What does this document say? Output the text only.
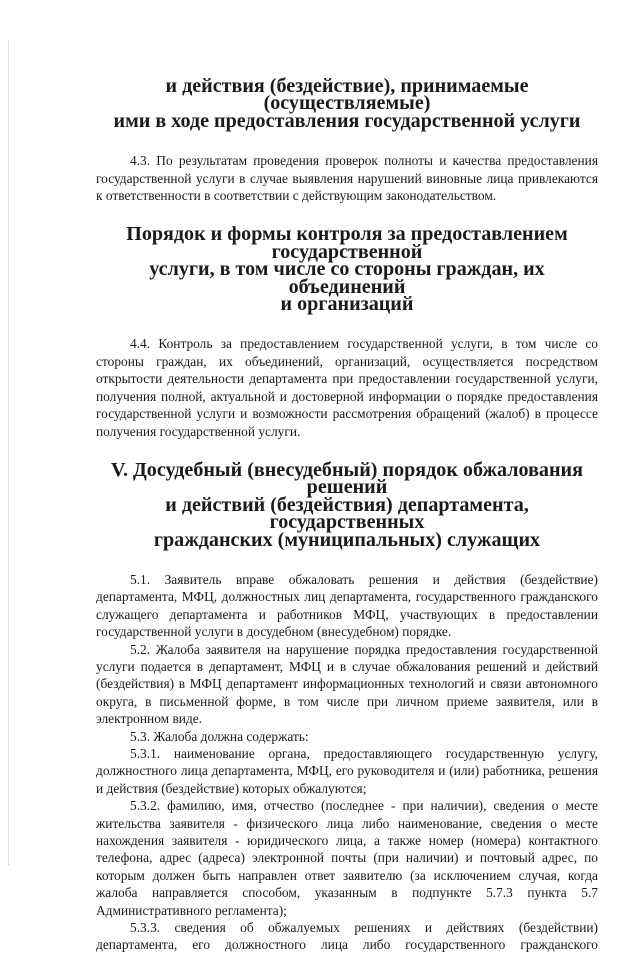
и действия (бездействие), принимаемые (осуществляемые)
ими в ходе предоставления государственной услуги

4.3. По результатам проведения проверок полноты и качества предоставления государственной услуги в случае выявления нарушений виновные лица привлекаются к ответственности в соответствии с действующим законодательством.

Порядок и формы контроля за предоставлением государственной
услуги, в том числе со стороны граждан, их объединений
и организаций

4.4. Контроль за предоставлением государственной услуги, в том числе со стороны граждан, их объединений, организаций, осуществляется посредством открытости деятельности департамента при предоставлении государственной услуги, получения полной, актуальной и достоверной информации о порядке предоставления государственной услуги и возможности рассмотрения обращений (жалоб) в процессе получения государственной услуги.

V. Досудебный (внесудебный) порядок обжалования решений
и действий (бездействия) департамента, государственных
гражданских (муниципальных) служащих

5.1. Заявитель вправе обжаловать решения и действия (бездействие) департамента, МФЦ, должностных лиц департамента, государственного гражданского служащего департамента и работников МФЦ, участвующих в предоставлении государственной услуги в досудебном (внесудебном) порядке.

5.2. Жалоба заявителя на нарушение порядка предоставления государственной услуги подается в департамент, МФЦ и в случае обжалования решений и действий (бездействия) в МФЦ департамент информационных технологий и связи автономного округа, в письменной форме, в том числе при личном приеме заявителя, или в электронном виде.

5.3. Жалоба должна содержать:

5.3.1. наименование органа, предоставляющего государственную услугу, должностного лица департамента, МФЦ, его руководителя и (или) работника, решения и действия (бездействие) которых обжалуются;

5.3.2. фамилию, имя, отчество (последнее - при наличии), сведения о месте жительства заявителя - физического лица либо наименование, сведения о месте нахождения заявителя - юридического лица, а также номер (номера) контактного телефона, адрес (адреса) электронной почты (при наличии) и почтовый адрес, по которым должен быть направлен ответ заявителю (за исключением случая, когда жалоба направляется способом, указанным в подпункте 5.7.3 пункта 5.7 Административного регламента);

5.3.3. сведения об обжалуемых решениях и действиях (бездействии) департамента, его должностного лица либо государственного гражданского
